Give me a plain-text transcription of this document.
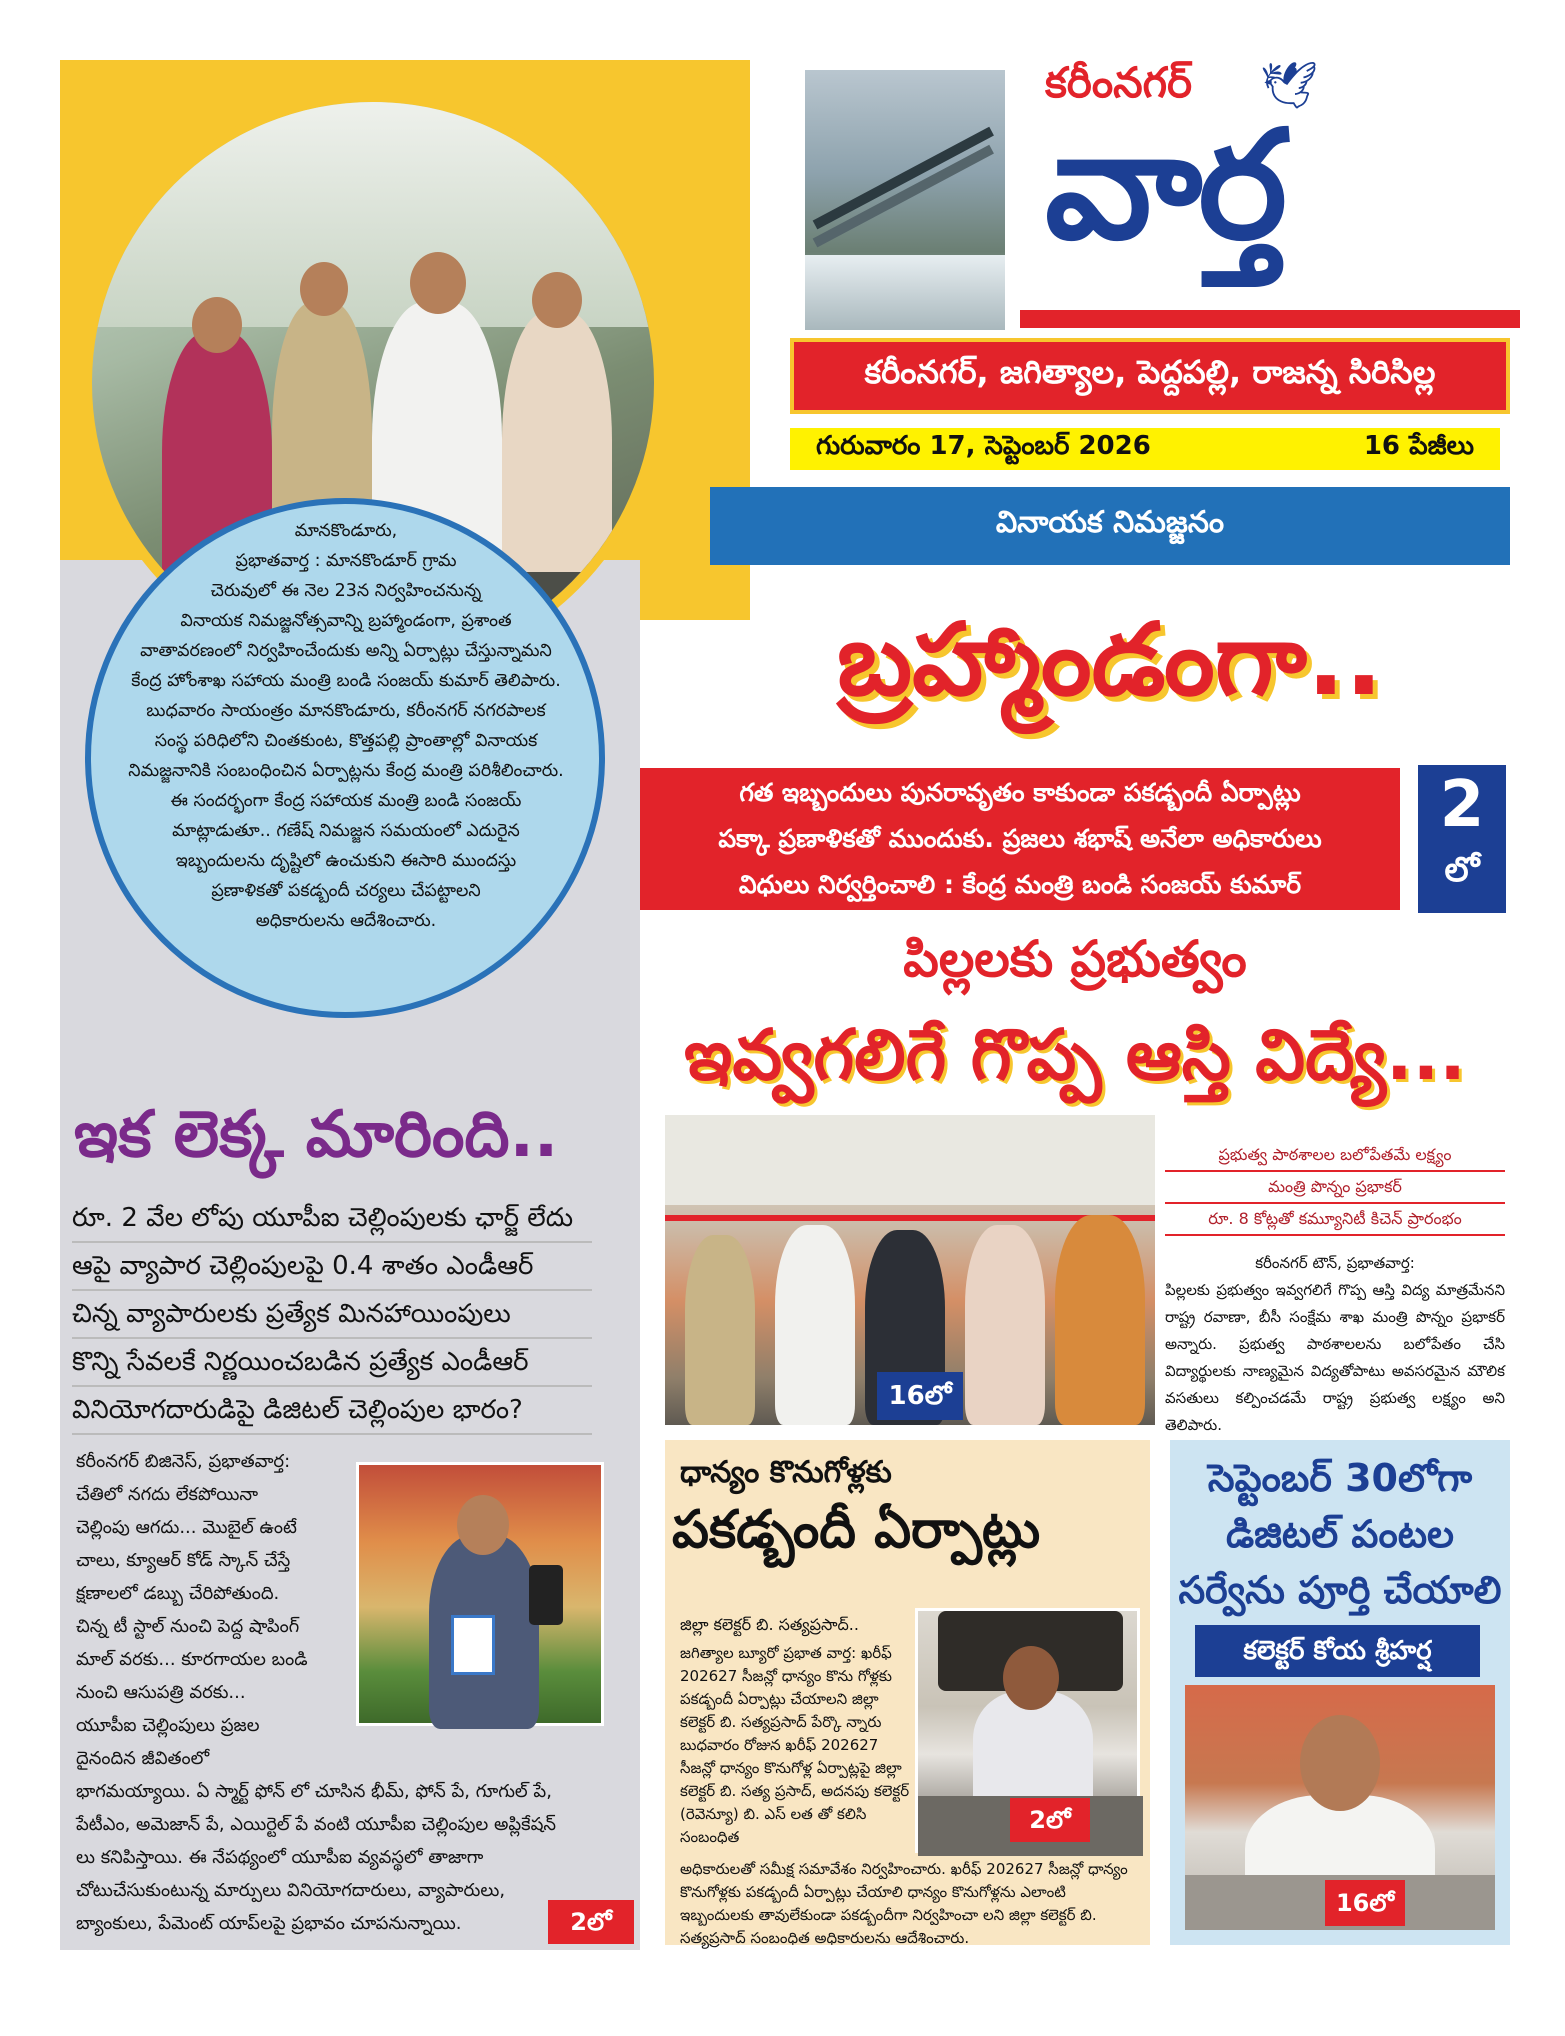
మానకొండూరు,

ప్రభాతవార్త : మానకొండూర్ గ్రామ

చెరువులో ఈ నెల 23న నిర్వహించనున్న

వినాయక నిమజ్జనోత్సవాన్ని బ్రహ్మాండంగా, ప్రశాంత

వాతావరణంలో నిర్వహించేందుకు అన్ని ఏర్పాట్లు చేస్తున్నామని

కేంద్ర హోంశాఖ సహాయ మంత్రి బండి సంజయ్ కుమార్ తెలిపారు.

బుధవారం సాయంత్రం మానకొండూరు, కరీంనగర్ నగరపాలక

సంస్థ పరిధిలోని చింతకుంట, కొత్తపల్లి ప్రాంతాల్లో వినాయక

నిమజ్జనానికి సంబంధించిన ఏర్పాట్లను కేంద్ర మంత్రి పరిశీలించారు.

ఈ సందర్భంగా కేంద్ర సహాయక మంత్రి బండి సంజయ్

మాట్లాడుతూ.. గణేష్ నిమజ్జన సమయంలో ఎదురైన

ఇబ్బందులను దృష్టిలో ఉంచుకుని ఈసారి ముందస్తు

ప్రణాళికతో పకడ్బందీ చర్యలు చేపట్టాలని

అధికారులను ఆదేశించారు.

కరీంనగర్ 🕊
వార్త
కరీంనగర్, జగిత్యాల, పెద్దపల్లి, రాజన్న సిరిసిల్ల
గురువారం 17, సెప్టెంబర్ 2026	16 పేజీలు
వినాయక నిమజ్జనం
బ్రహ్మాండంగా..
గత ఇబ్బందులు పునరావృతం కాకుండా పకడ్బందీ ఏర్పాట్లు
పక్కా ప్రణాళికతో ముందుకు. ప్రజలు శభాష్ అనేలా అధికారులు
విధులు నిర్వర్తించాలి : కేంద్ర మంత్రి బండి సంజయ్ కుమార్
2
లో
పిల్లలకు ప్రభుత్వం
ఇవ్వగలిగే గొప్ప ఆస్తి విద్యే...
16లో
ప్రభుత్వ పాఠశాలల బలోపేతమే లక్ష్యం
మంత్రి పొన్నం ప్రభాకర్
రూ. 8 కోట్లతో కమ్యూనిటీ కిచెన్ ప్రారంభం
కరీంనగర్ టౌన్, ప్రభాతవార్త:
పిల్లలకు ప్రభుత్వం ఇవ్వగలిగే గొప్ప ఆస్తి విద్య మాత్రమేనని రాష్ట్ర రవాణా, బీసీ సంక్షేమ శాఖ మంత్రి పొన్నం ప్రభాకర్ అన్నారు. ప్రభుత్వ పాఠశాలలను బలోపేతం చేసి విద్యార్థులకు నాణ్యమైన విద్యతోపాటు అవసరమైన మౌలిక వసతులు కల్పించడమే రాష్ట్ర ప్రభుత్వ లక్ష్యం అని తెలిపారు.
ఇక లెక్క మారింది..
రూ. 2 వేల లోపు యూపీఐ చెల్లింపులకు ఛార్జ్ లేదు
ఆపై వ్యాపార చెల్లింపులపై 0.4 శాతం ఎండీఆర్
చిన్న వ్యాపారులకు ప్రత్యేక మినహాయింపులు
కొన్ని సేవలకే నిర్ణయించబడిన ప్రత్యేక ఎండీఆర్
వినియోగదారుడిపై డిజిటల్ చెల్లింపుల భారం?
కరీంనగర్ బిజినెస్, ప్రభాతవార్త:
చేతిలో నగదు లేకపోయినా
చెల్లింపు ఆగదు... మొబైల్ ఉంటే
చాలు, క్యూఆర్ కోడ్ స్కాన్ చేస్తే
క్షణాలలో డబ్బు చేరిపోతుంది.
చిన్న టీ స్టాల్ నుంచి పెద్ద షాపింగ్
మాల్ వరకు... కూరగాయల బండి
నుంచి ఆసుపత్రి వరకు...
యూపీఐ చెల్లింపులు ప్రజల
దైనందిన జీవితంలో
భాగమయ్యాయి. ఏ స్మార్ట్ ఫోన్ లో చూసిన భీమ్, ఫోన్ పే, గూగుల్ పే,
పేటీఎం, అమెజాన్ పే, ఎయిర్టెల్ పే వంటి యూపీఐ చెల్లింపుల అప్లికేషన్
లు కనిపిస్తాయి. ఈ నేపథ్యంలో యూపీఐ వ్యవస్థలో తాజాగా
చోటుచేసుకుంటున్న మార్పులు వినియోగదారులు, వ్యాపారులు,
బ్యాంకులు, పేమెంట్ యాప్‌లపై ప్రభావం చూపనున్నాయి.	2లో
ధాన్యం కొనుగోళ్లకు
పకడ్బందీ ఏర్పాట్లు
జిల్లా కలెక్టర్ బి. సత్యప్రసాద్..
జగిత్యాల బ్యూరో ప్రభాత వార్త: ఖరీఫ్ 202627 సీజన్లో ధాన్యం కొను గోళ్లకు పకడ్బందీ ఏర్పాట్లు చేయాలని జిల్లా కలెక్టర్ బి. సత్యప్రసాద్ పేర్కొ న్నారు బుధవారం రోజున ఖరీఫ్ 202627 సీజన్లో ధాన్యం కొనుగోళ్ల ఏర్పాట్లపై జిల్లా కలెక్టర్ బి. సత్య ప్రసాద్, అదనపు కలెక్టర్ (రెవెన్యూ) బి. ఎస్ లత తో కలిసి సంబంధిత
2లో
అధికారులతో సమీక్ష సమావేశం నిర్వహించారు. ఖరీఫ్ 202627 సీజన్లో ధాన్యం కొనుగోళ్లకు పకడ్బందీ ఏర్పాట్లు చేయాలి ధాన్యం కొనుగోళ్లను ఎలాంటి ఇబ్బందులకు తావులేకుండా పకడ్బందీగా నిర్వహించా లని జిల్లా కలెక్టర్ బి. సత్యప్రసాద్ సంబంధిత అధికారులను ఆదేశించారు.
సెప్టెంబర్ 30లోగా
డిజిటల్ పంటల
సర్వేను పూర్తి చేయాలి
కలెక్టర్ కోయ శ్రీహర్ష
16లో
